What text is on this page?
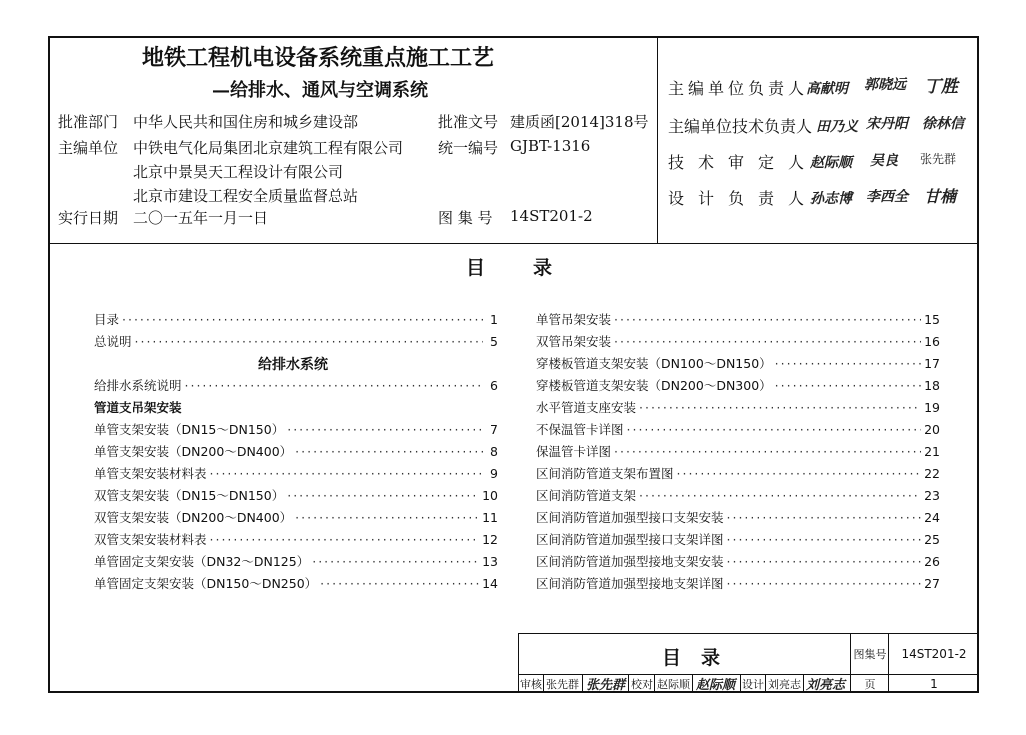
地铁工程机电设备系统重点施工工艺
—给排水、通风与空调系统
批准部门 中华人民共和国住房和城乡建设部
主编单位 中铁电气化局集团北京建筑工程有限公司
北京中景昊天工程设计有限公司
北京市建设工程安全质量监督总站
实行日期 二〇一五年一月一日
批准文号 建质函[2014]318号
统一编号 GJBT-1316
图 集 号 14ST201-2
主编单位负责人
高献明 郭晓远 丁胜
主编单位技术负责人 田乃义 宋丹阳 徐林信
技术审定人
赵际顺 吴良 张先群
设计负责人
孙志博 李西全 甘楠
目录
目录 ·····	1
总说明 ·····	5
给排水系统
给排水系统说明 ·····	6
管道支吊架安装
单管支架安装（DN15～DN150） ·····	7
单管支架安装（DN200～DN400） ·····	8
单管支架安装材料表 ·····	9
双管支架安装（DN15～DN150） ·····	10
双管支架安装（DN200～DN400） ·····	11
双管支架安装材料表 ·····	12
单管固定支架安装（DN32～DN125） ·····	13
单管固定支架安装（DN150～DN250） ·····	14
单管吊架安装 ·····	15
双管吊架安装 ·····	16
穿楼板管道支架安装（DN100～DN150） ·····	17
穿楼板管道支架安装（DN200～DN300） ·····	18
水平管道支座安装 ·····	19
不保温管卡详图 ·····	20
保温管卡详图 ·····	21
区间消防管道支架布置图 ·····	22
区间消防管道支架 ·····	23
区间消防管道加强型接口支架安装 ·····	24
区间消防管道加强型接口支架详图 ·····	25
区间消防管道加强型接地支架安装 ·····	26
区间消防管道加强型接地支架详图 ·····	27
目录	图集号	14ST201-2
审核 张先群 张先群 校对 赵际顺 赵际顺 设计 刘亮志 刘亮志	页	1
